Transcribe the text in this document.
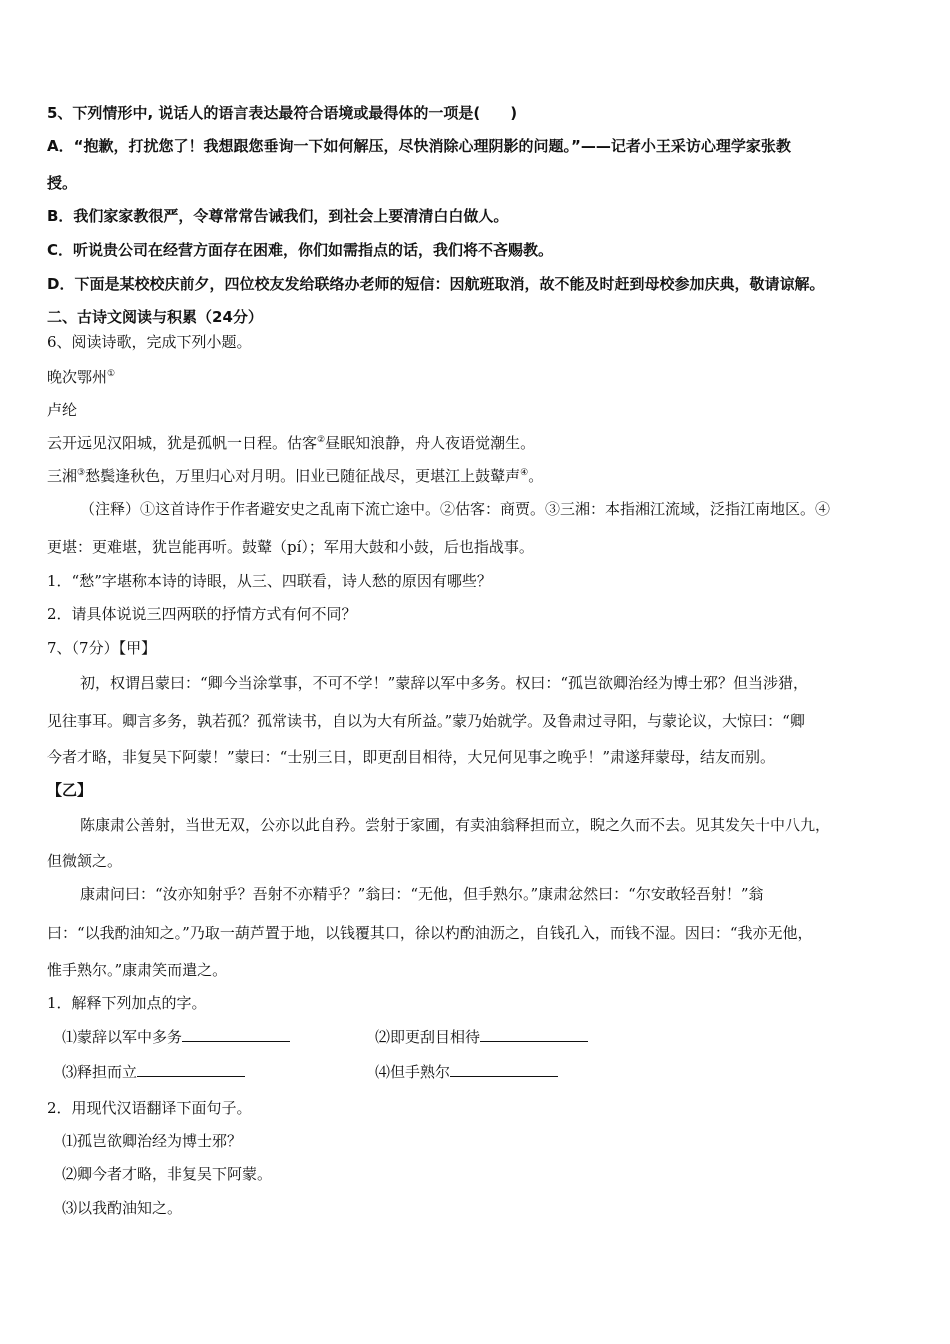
5、下列情形中, 说话人的语言表达最符合语境或最得体的一项是(　　)
A．“抱歉，打扰您了！我想跟您垂询一下如何解压，尽快消除心理阴影的问题。”——记者小王采访心理学家张教
授。
B．我们家家教很严，令尊常常告诫我们，到社会上要清清白白做人。
C．听说贵公司在经营方面存在困难，你们如需指点的话，我们将不吝赐教。
D．下面是某校校庆前夕，四位校友发给联络办老师的短信：因航班取消，故不能及时赶到母校参加庆典，敬请谅解。
二、古诗文阅读与积累（24分）
6、阅读诗歌，完成下列小题。
晚次鄂州①
卢纶
云开远见汉阳城，犹是孤帆一日程。估客②昼眠知浪静，舟人夜语觉潮生。
三湘③愁鬓逢秋色，万里归心对月明。旧业已随征战尽，更堪江上鼓鼙声④。
（注释）①这首诗作于作者避安史之乱南下流亡途中。②估客：商贾。③三湘：本指湘江流域，泛指江南地区。④
更堪：更难堪，犹岂能再听。鼓鼙（pí）；军用大鼓和小鼓，后也指战事。
1．“愁”字堪称本诗的诗眼，从三、四联看，诗人愁的原因有哪些？
2．请具体说说三四两联的抒情方式有何不同？
7、（7分）【甲】
初，权谓吕蒙曰：“卿今当涂掌事，不可不学！”蒙辞以军中多务。权曰：“孤岂欲卿治经为博士邪？但当涉猎，
见往事耳。卿言多务，孰若孤？孤常读书，自以为大有所益。”蒙乃始就学。及鲁肃过寻阳，与蒙论议，大惊曰：“卿
今者才略，非复吴下阿蒙！”蒙曰：“士别三日，即更刮目相待，大兄何见事之晚乎！”肃遂拜蒙母，结友而别。
【乙】
陈康肃公善射，当世无双，公亦以此自矜。尝射于家圃，有卖油翁释担而立，睨之久而不去。见其发矢十中八九，
但微颔之。
康肃问曰：“汝亦知射乎？吾射不亦精乎？”翁曰：“无他，但手熟尔。”康肃忿然曰：“尔安敢轻吾射！”翁
曰：“以我酌油知之。”乃取一葫芦置于地，以钱覆其口，徐以杓酌油沥之，自钱孔入，而钱不湿。因曰：“我亦无他，
惟手熟尔。”康肃笑而遣之。
1．解释下列加点的字。
⑴蒙辞以军中多务	⑵即更刮目相待
⑶释担而立	⑷但手熟尔
2．用现代汉语翻译下面句子。
⑴孤岂欲卿治经为博士邪？
⑵卿今者才略，非复吴下阿蒙。
⑶以我酌油知之。
